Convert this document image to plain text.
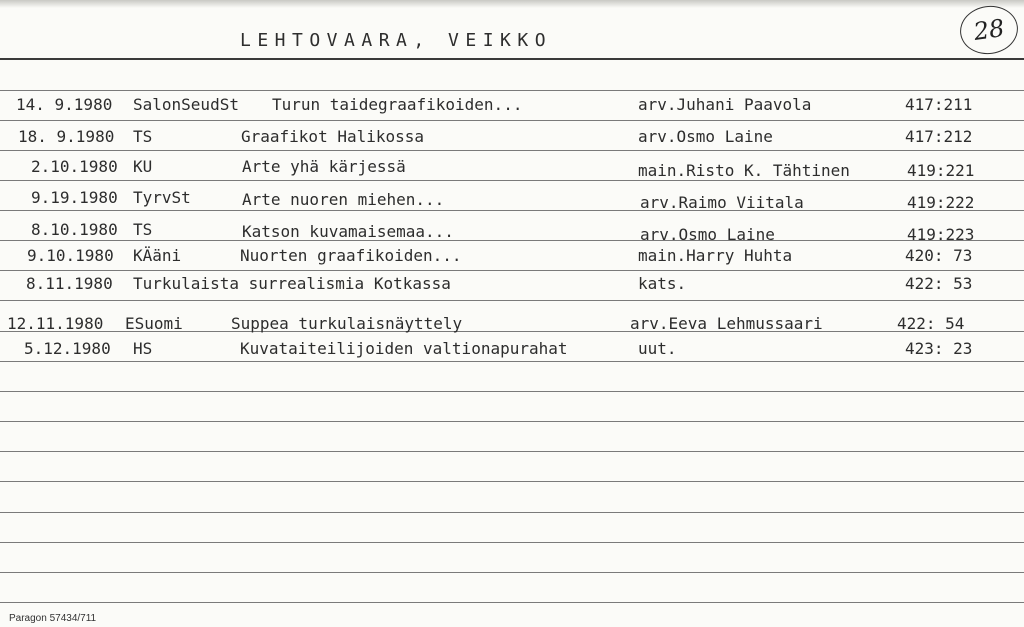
LEHTOVAARA, VEIKKO	28
14. 9.1980 SalonSeudSt Turun taidegraafikoiden...	arv.Juhani Paavola	417:211
18. 9.1980 TS	Graafikot Halikossa	arv.Osmo Laine	417:212
2.10.1980 KU	Arte yhä kärjessä	main.Risto K. Tähtinen	419:221
9.19.1980 TyrvSt	Arte nuoren miehen...	arv.Raimo Viitala	419:222
8.10.1980 TS	Katson kuvamaisemaa...	arv.Osmo Laine	419:223
9.10.1980 KÄäni	Nuorten graafikoiden...	main.Harry Huhta	420: 73
8.11.1980 Turkulaista surrealismia Kotkassa	kats.	422: 53
12.11.1980 ESuomi	Suppea turkulaisnäyttely	arv.Eeva Lehmussaari	422: 54
5.12.1980 HS	Kuvataiteilijoiden valtionapurahat	uut.	423: 23
Paragon 57434/711
